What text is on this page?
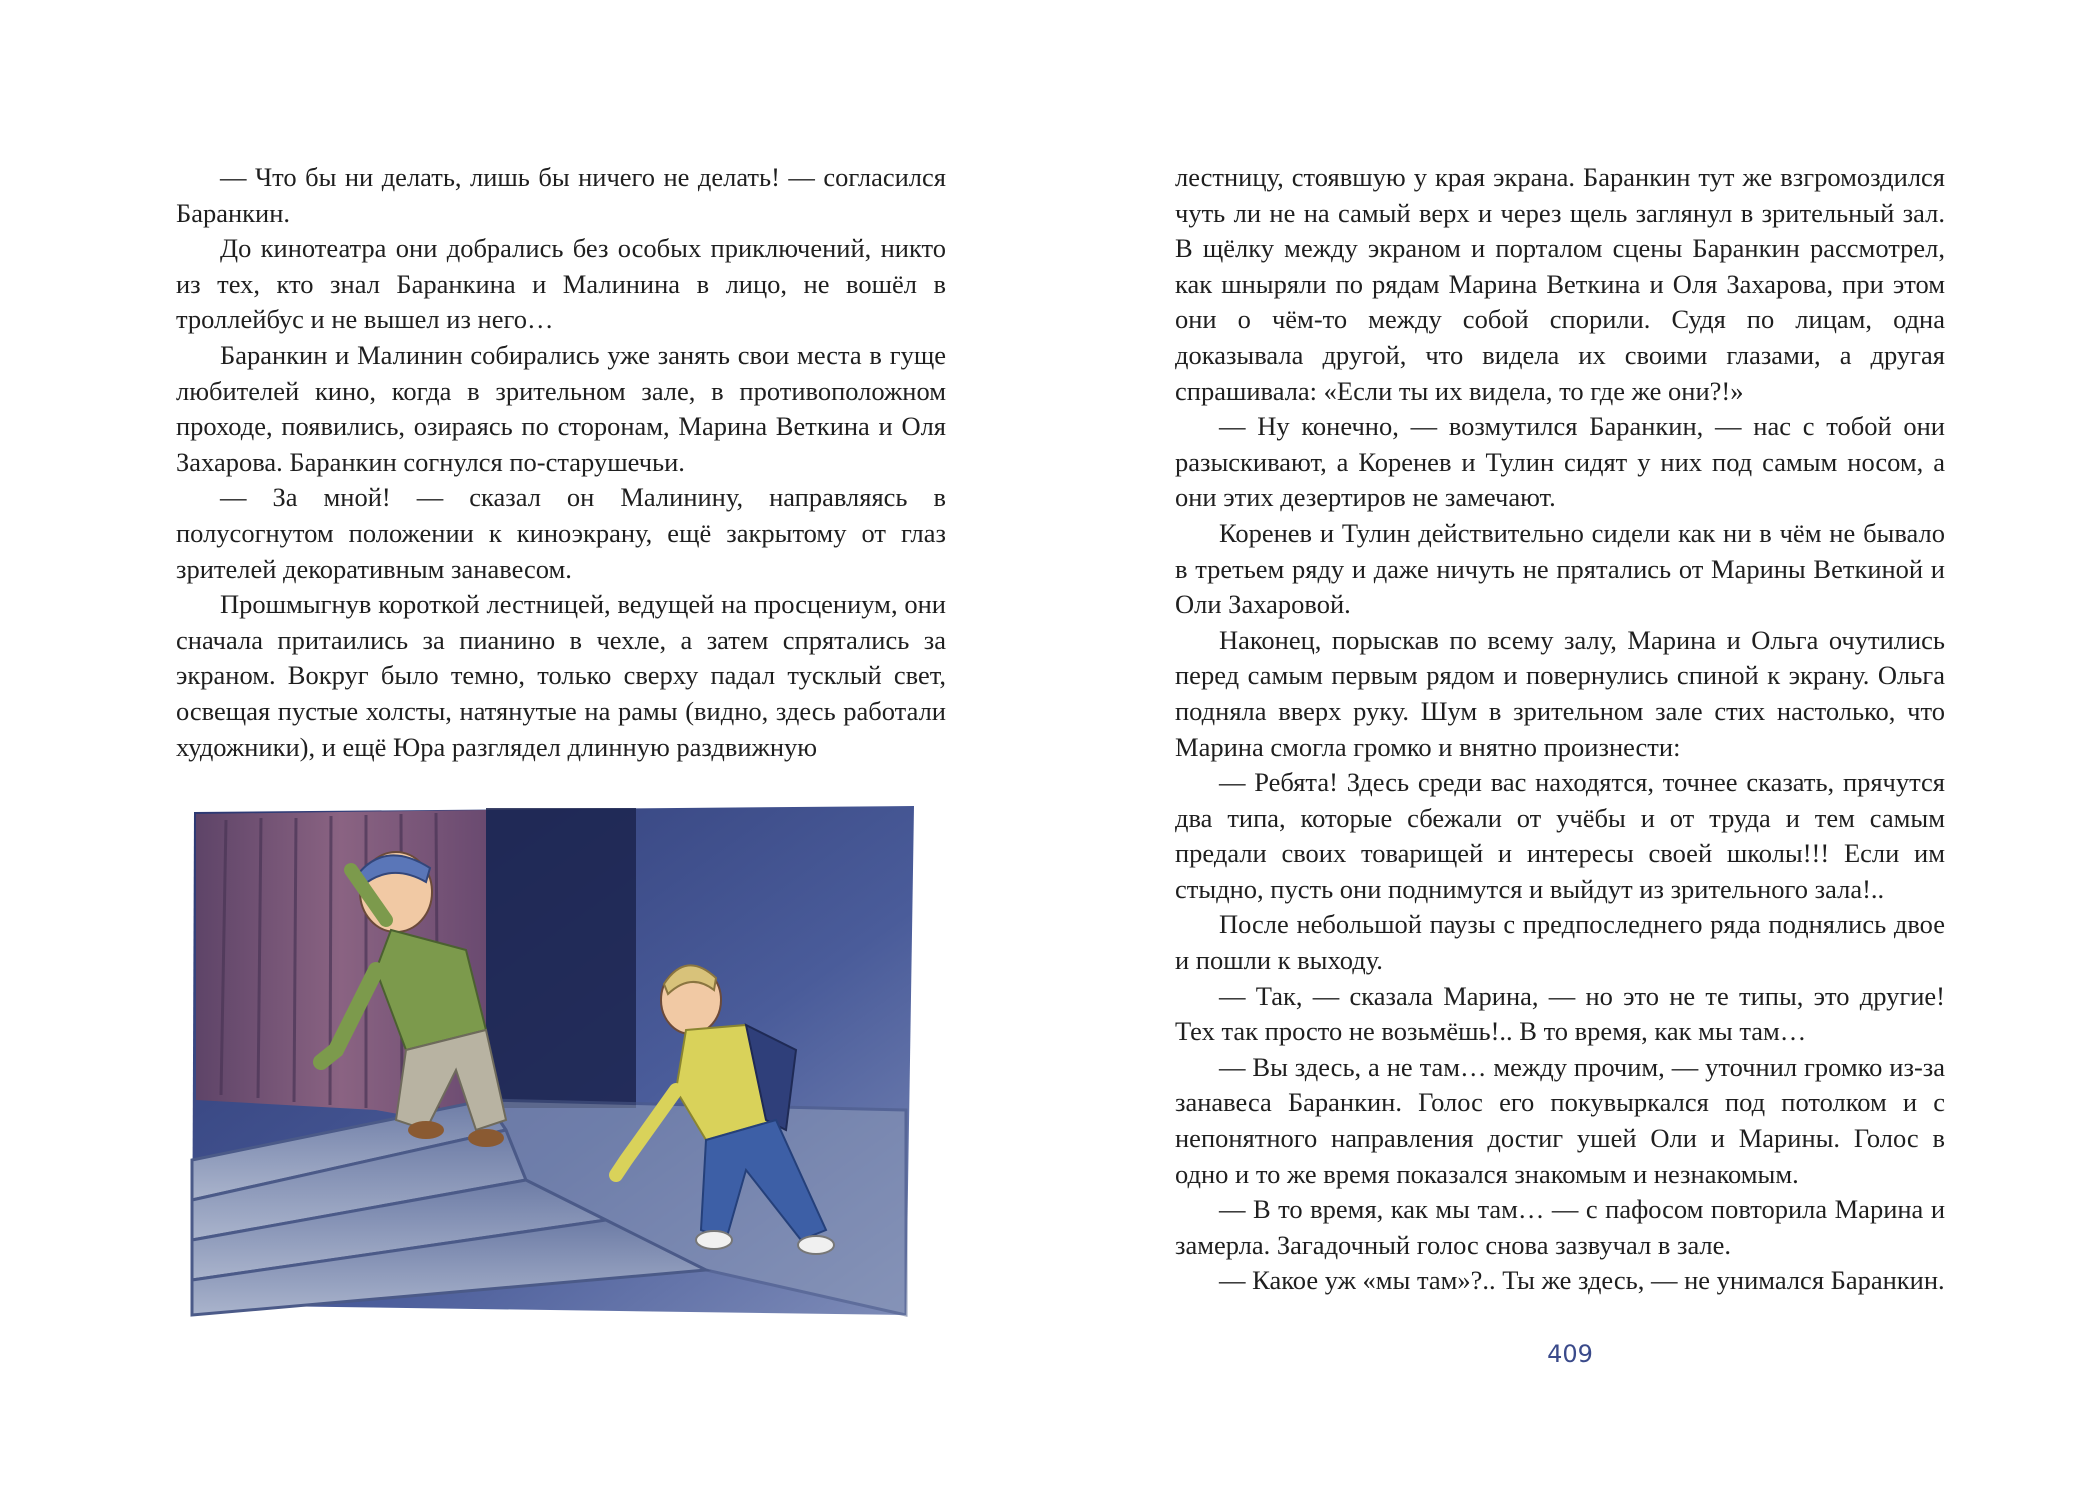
— Что бы ни делать, лишь бы ничего не делать! — согласился Баранкин.

До кинотеатра они добрались без особых приключений, никто из тех, кто знал Баранкина и Малинина в лицо, не вошёл в троллейбус и не вышел из него…

Баранкин и Малинин собирались уже занять свои места в гуще любителей кино, когда в зрительном зале, в противоположном проходе, появились, озираясь по сторонам, Марина Веткина и Оля Захарова. Баранкин согнулся по-старушечьи.

— За мной! — сказал он Малинину, направляясь в полусогнутом положении к киноэкрану, ещё закрытому от глаз зрителей декоративным занавесом.

Прошмыгнув короткой лестницей, ведущей на просцениум, они сначала притаились за пианино в чехле, а затем спрятались за экраном. Вокруг было темно, только сверху падал тусклый свет, освещая пустые холсты, натянутые на рамы (видно, здесь работали художники), и ещё Юра разглядел длинную раздвижную

лестницу, стоявшую у края экрана. Баранкин тут же взгромоздился чуть ли не на самый верх и через щель заглянул в зрительный зал. В щёлку между экраном и порталом сцены Баранкин рассмотрел, как шныряли по рядам Марина Веткина и Оля Захарова, при этом они о чём-то между собой спорили. Судя по лицам, одна доказывала другой, что видела их своими глазами, а другая спрашивала: «Если ты их видела, то где же они?!»

— Ну конечно, — возмутился Баранкин, — нас с тобой они разыскивают, а Коренев и Тулин сидят у них под самым носом, а они этих дезертиров не замечают.

Коренев и Тулин действительно сидели как ни в чём не бывало в третьем ряду и даже ничуть не прятались от Марины Веткиной и Оли Захаровой.

Наконец, порыскав по всему залу, Марина и Ольга очутились перед самым первым рядом и повернулись спиной к экрану. Ольга подняла вверх руку. Шум в зрительном зале стих настолько, что Марина смогла громко и внятно произнести:

— Ребята! Здесь среди вас находятся, точнее сказать, прячутся два типа, которые сбежали от учёбы и от труда и тем самым предали своих товарищей и интересы своей школы!!! Если им стыдно, пусть они поднимутся и выйдут из зрительного зала!..

После небольшой паузы с предпоследнего ряда поднялись двое и пошли к выходу.

— Так, — сказала Марина, — но это не те типы, это другие! Тех так просто не возьмёшь!.. В то время, как мы там…

— Вы здесь, а не там… между прочим, — уточнил громко из-за занавеса Баранкин. Голос его покувыркался под потолком и с непонятного направления достиг ушей Оли и Марины. Голос в одно и то же время показался знакомым и незнакомым.

— В то время, как мы там… — с пафосом повторила Марина и замерла. Загадочный голос снова зазвучал в зале.

— Какое уж «мы там»?.. Ты же здесь, — не унимался Баранкин.

409
